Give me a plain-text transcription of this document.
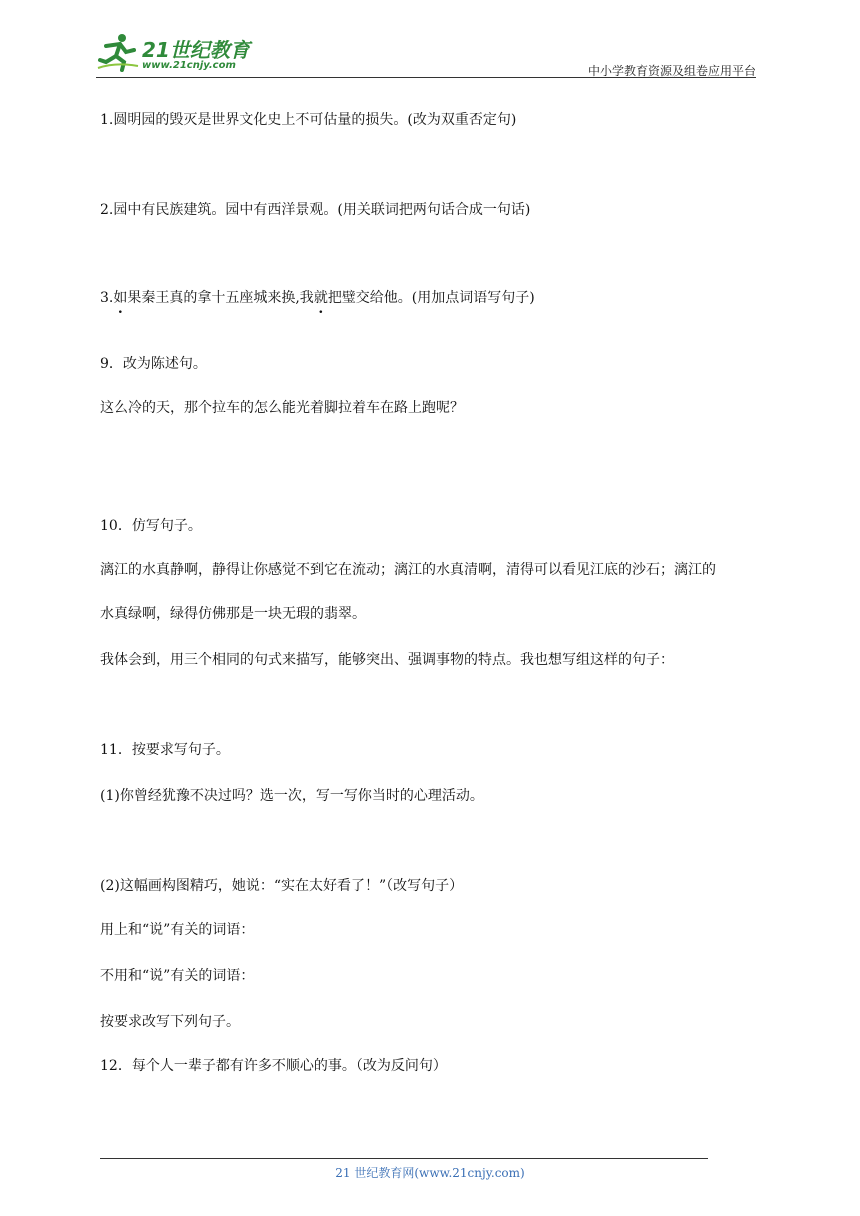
21世纪教育
www.21cnjy.com	中小学教育资源及组卷应用平台
1.圆明园的毁灭是世界文化史上不可估量的损失。(改为双重否定句)
2.园中有民族建筑。园中有西洋景观。(用关联词把两句话合成一句话)
3.如果秦王真的拿十五座城来换,我就把璧交给他。(用加点词语写句子)
9．改为陈述句。
这么冷的天，那个拉车的怎么能光着脚拉着车在路上跑呢？
10．仿写句子。
漓江的水真静啊，静得让你感觉不到它在流动；漓江的水真清啊，清得可以看见江底的沙石；漓江的
水真绿啊，绿得仿佛那是一块无瑕的翡翠。
我体会到，用三个相同的句式来描写，能够突出、强调事物的特点。我也想写组这样的句子：
11．按要求写句子。
(1)你曾经犹豫不决过吗？选一次，写一写你当时的心理活动。
(2)这幅画构图精巧，她说：“实在太好看了！”（改写句子）
用上和“说”有关的词语：
不用和“说”有关的词语：
按要求改写下列句子。
12．每个人一辈子都有许多不顺心的事。（改为反问句）
21 世纪教育网(www.21cnjy.com)
